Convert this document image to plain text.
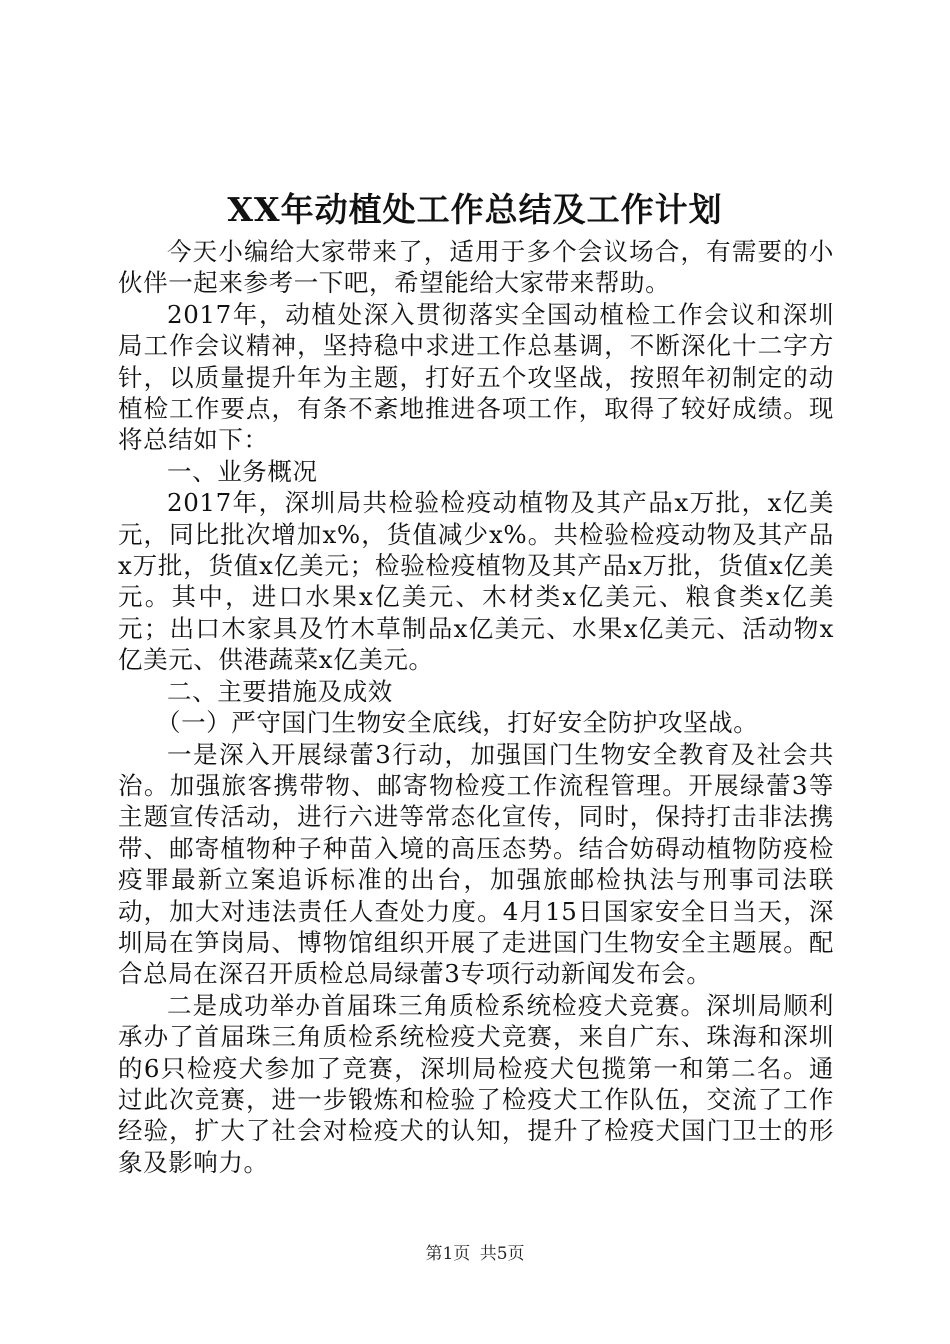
XX年动植处工作总结及工作计划

今天小编给大家带来了，适用于多个会议场合，有需要的小伙伴一起来参考一下吧，希望能给大家带来帮助。

2017年，动植处深入贯彻落实全国动植检工作会议和深圳局工作会议精神，坚持稳中求进工作总基调，不断深化十二字方针，以质量提升年为主题，打好五个攻坚战，按照年初制定的动植检工作要点，有条不紊地推进各项工作，取得了较好成绩。现将总结如下：

一、业务概况

2017年，深圳局共检验检疫动植物及其产品x万批，x亿美元，同比批次增加x%，货值减少x%。共检验检疫动物及其产品x万批，货值x亿美元；检验检疫植物及其产品x万批，货值x亿美元。其中，进口水果x亿美元、木材类x亿美元、粮食类x亿美元；出口木家具及竹木草制品x亿美元、水果x亿美元、活动物x亿美元、供港蔬菜x亿美元。

二、主要措施及成效

（一）严守国门生物安全底线，打好安全防护攻坚战。

一是深入开展绿蕾3行动，加强国门生物安全教育及社会共治。加强旅客携带物、邮寄物检疫工作流程管理。开展绿蕾3等主题宣传活动，进行六进等常态化宣传，同时，保持打击非法携带、邮寄植物种子种苗入境的高压态势。结合妨碍动植物防疫检疫罪最新立案追诉标准的出台，加强旅邮检执法与刑事司法联动，加大对违法责任人查处力度。4月15日国家安全日当天，深圳局在笋岗局、博物馆组织开展了走进国门生物安全主题展。配合总局在深召开质检总局绿蕾3专项行动新闻发布会。

二是成功举办首届珠三角质检系统检疫犬竞赛。深圳局顺利承办了首届珠三角质检系统检疫犬竞赛，来自广东、珠海和深圳的6只检疫犬参加了竞赛，深圳局检疫犬包揽第一和第二名。通过此次竞赛，进一步锻炼和检验了检疫犬工作队伍，交流了工作经验，扩大了社会对检疫犬的认知，提升了检疫犬国门卫士的形象及影响力。

第1页 共5页
